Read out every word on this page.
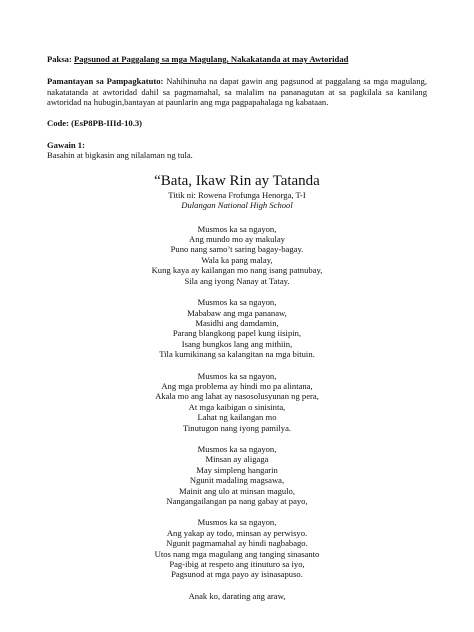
Paksa: Pagsunod at Paggalang sa mga Magulang, Nakakatanda at may Awtoridad

Pamantayan sa Pampagkatuto: Nahihinuha na dapat gawin ang pagsunod at paggalang sa mga magulang, nakatatanda at awtoridad dahil sa pagmamahal, sa malalim na pananagutan at sa pagkilala sa kanilang awtoridad na hubugin,bantayan at paunlarin ang mga pagpapahalaga ng kabataan.

Code: (EsP8PB-IIId-10.3)

Gawain 1:

Basahin at bigkasin ang nilalaman ng tula.

“Bata, Ikaw Rin ay Tatanda

Titik ni: Rowena Frofunga Henorga, T-I

Dulangan National High School

Musmos ka sa ngayon,
Ang mundo mo ay makulay
Puno nang samo’t saring bagay-bagay.
Wala ka pang malay,
Kung kaya ay kailangan mo nang isang patnubay,
Sila ang iyong Nanay at Tatay.
Musmos ka sa ngayon,
Mababaw ang mga pananaw,
Masidhi ang damdamin,
Parang blangkong papel kung iisipin,
Isang bungkos lang ang mithiin,
Tila kumikinang sa kalangitan na mga bituin.
Musmos ka sa ngayon,
Ang mga problema ay hindi mo pa alintana,
Akala mo ang lahat ay nasosolusyunan ng pera,
At mga kaibigan o sinisinta,
Lahat ng kailangan mo
Tinutugon nang iyong pamilya.
Musmos ka sa ngayon,
Minsan ay aligaga
May simpleng hangarin
Ngunit madaling magsawa,
Mainit ang ulo at minsan magulo,
Nangangailangan pa nang gabay at payo,
Musmos ka sa ngayon,
Ang yakap ay todo, minsan ay perwisyo.
Ngunit pagmamahal ay hindi nagbabago.
Utos nang mga magulang ang tanging sinasanto
Pag-ibig at respeto ang itinuturo sa iyo,
Pagsunod at mga payo ay isinasapuso.
Anak ko, darating ang araw,
